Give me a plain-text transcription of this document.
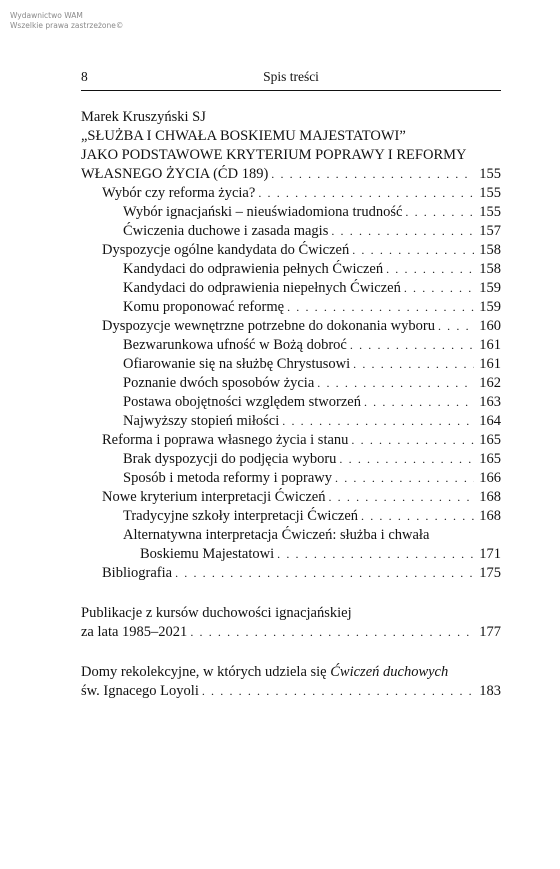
Wydawnictwo WAM
Wszelkie prawa zastrzeżone©
8	Spis treści
Marek Kruszyński SJ
„SŁUŻBA I CHWAŁA BOSKIEMU MAJESTATOWI”
JAKO PODSTAWOWE KRYTERIUM POPRAWY I REFORMY
WŁASNEGO ŻYCIA (ĆD 189) . . .	155
Wybór czy reforma życia? . . .	155
Wybór ignacjański – nieuświadomiona trudność . . .	155
Ćwiczenia duchowe i zasada magis . . .	157
Dyspozycje ogólne kandydata do Ćwiczeń . . .	158
Kandydaci do odprawienia pełnych Ćwiczeń . . .	158
Kandydaci do odprawienia niepełnych Ćwiczeń . . .	159
Komu proponować reformę . . .	159
Dyspozycje wewnętrzne potrzebne do dokonania wyboru . . .	160
Bezwarunkowa ufność w Bożą dobroć . . .	161
Ofiarowanie się na służbę Chrystusowi . . .	161
Poznanie dwóch sposobów życia . . .	162
Postawa obojętności względem stworzeń . . .	163
Najwyższy stopień miłości . . .	164
Reforma i poprawa własnego życia i stanu . . .	165
Brak dyspozycji do podjęcia wyboru . . .	165
Sposób i metoda reformy i poprawy . . .	166
Nowe kryterium interpretacji Ćwiczeń . . .	168
Tradycyjne szkoły interpretacji Ćwiczeń . . .	168
Alternatywna interpretacja Ćwiczeń: służba i chwała
Boskiemu Majestatowi . . .	171
Bibliografia . . .	175
Publikacje z kursów duchowości ignacjańskiej
za lata 1985–2021 . . .	177
Domy rekolekcyjne, w których udziela się Ćwiczeń duchowych
św. Ignacego Loyoli . . .	183
